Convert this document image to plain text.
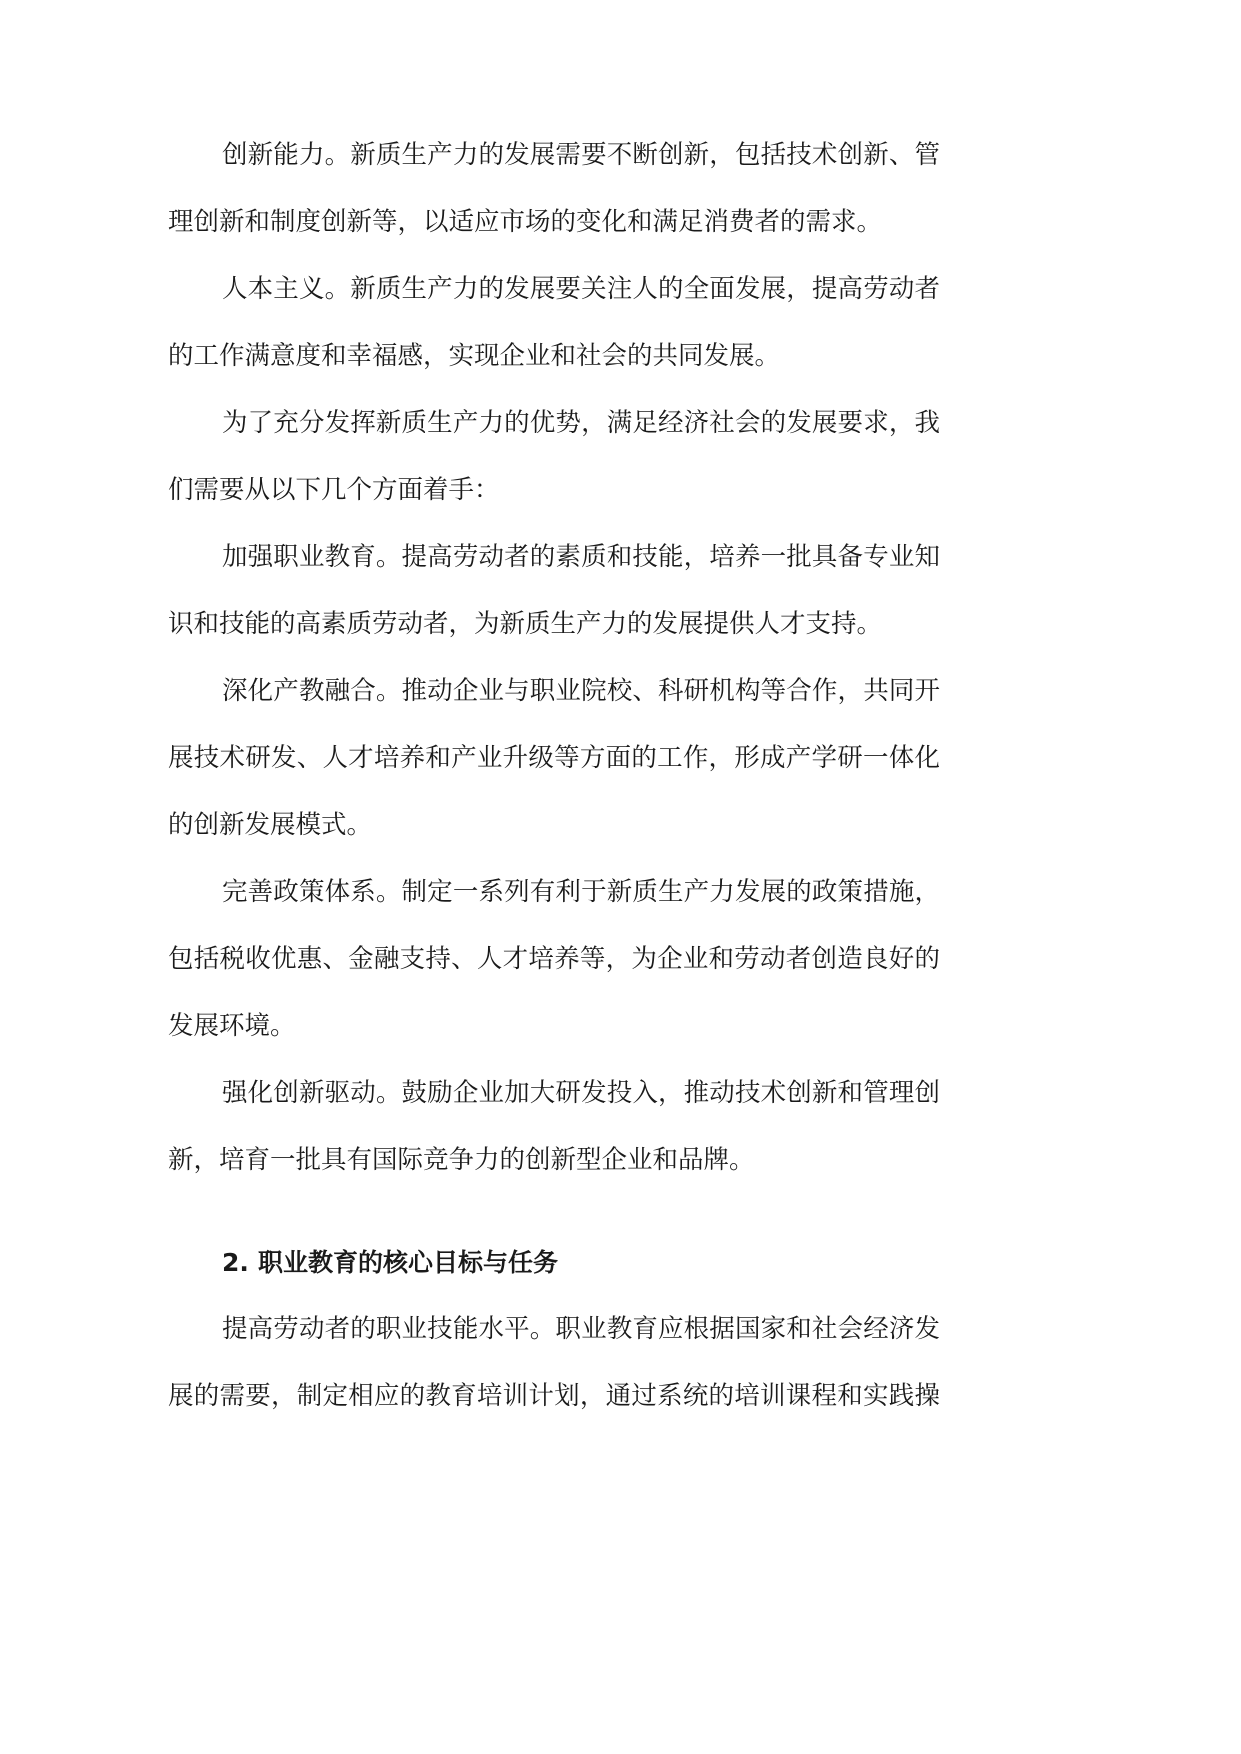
创新能力。新质生产力的发展需要不断创新，包括技术创新、管
理创新和制度创新等，以适应市场的变化和满足消费者的需求。
人本主义。新质生产力的发展要关注人的全面发展，提高劳动者
的工作满意度和幸福感，实现企业和社会的共同发展。
为了充分发挥新质生产力的优势，满足经济社会的发展要求，我
们需要从以下几个方面着手：
加强职业教育。提高劳动者的素质和技能，培养一批具备专业知
识和技能的高素质劳动者，为新质生产力的发展提供人才支持。
深化产教融合。推动企业与职业院校、科研机构等合作，共同开
展技术研发、人才培养和产业升级等方面的工作，形成产学研一体化
的创新发展模式。
完善政策体系。制定一系列有利于新质生产力发展的政策措施，
包括税收优惠、金融支持、人才培养等，为企业和劳动者创造良好的
发展环境。
强化创新驱动。鼓励企业加大研发投入，推动技术创新和管理创
新，培育一批具有国际竞争力的创新型企业和品牌。
2. 职业教育的核心目标与任务
提高劳动者的职业技能水平。职业教育应根据国家和社会经济发
展的需要，制定相应的教育培训计划，通过系统的培训课程和实践操
